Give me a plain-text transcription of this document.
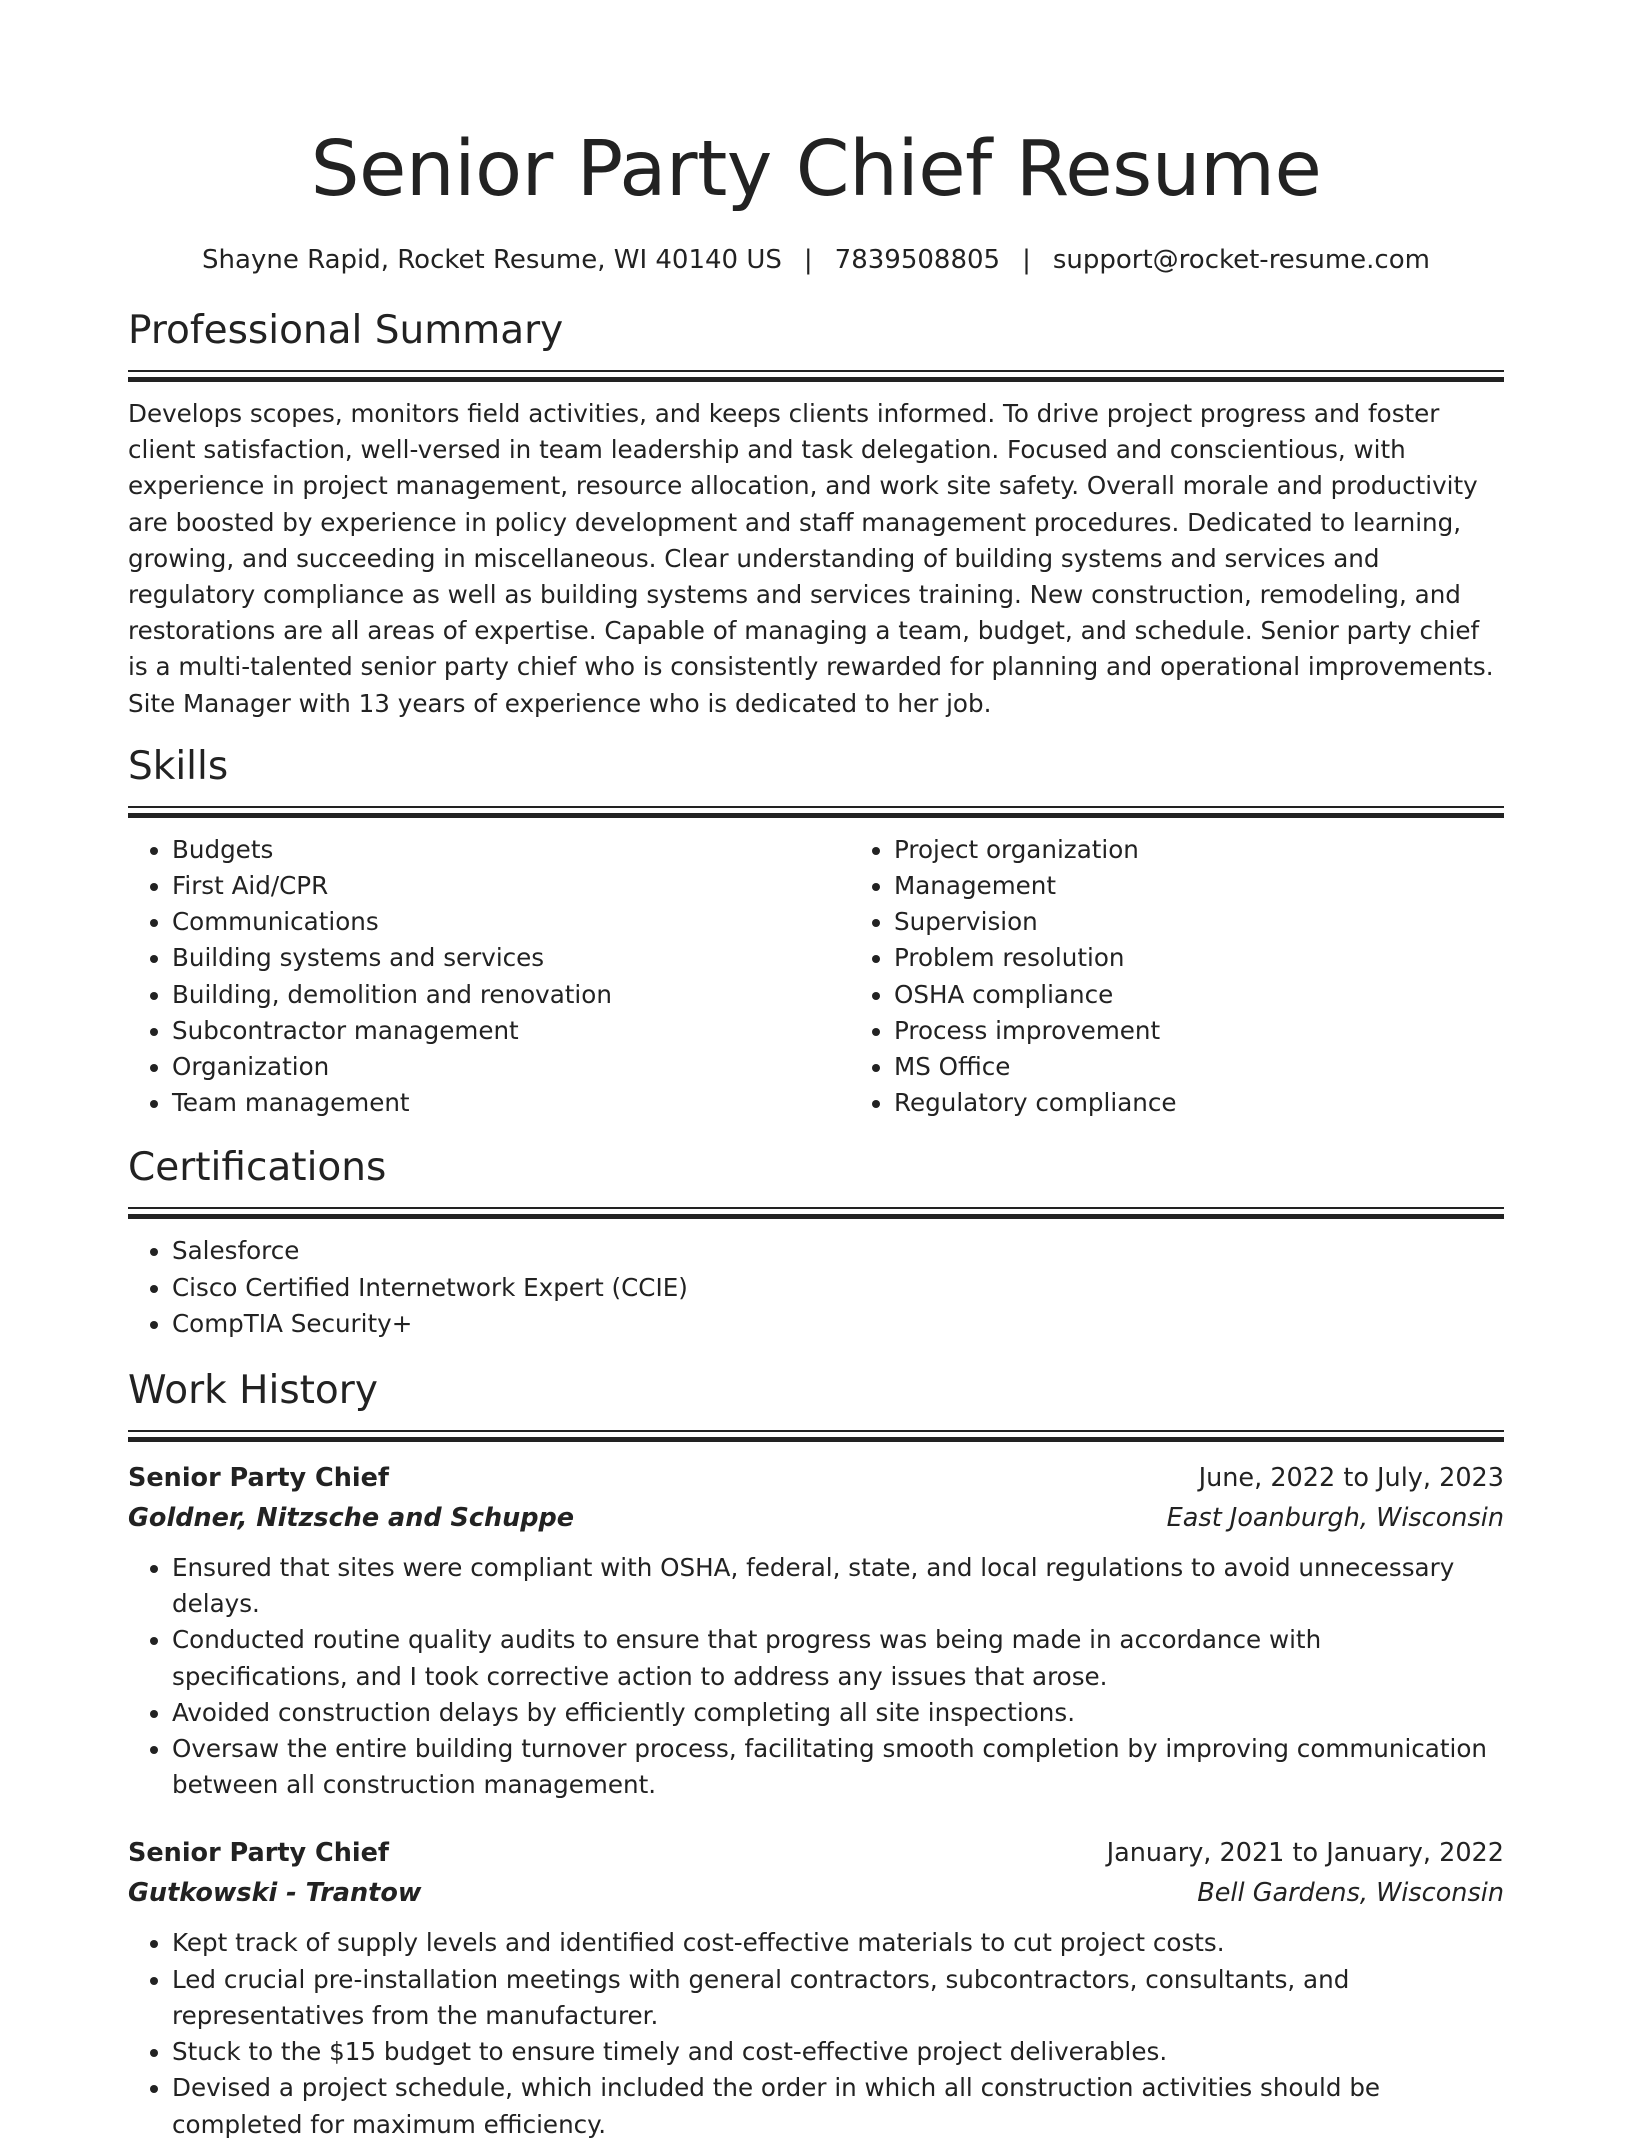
Senior Party Chief Resume
Shayne Rapid, Rocket Resume, WI 40140 US | 7839508805 | support@rocket-resume.com
Professional Summary

Develops scopes, monitors field activities, and keeps clients informed. To drive project progress and foster client satisfaction, well-versed in team leadership and task delegation. Focused and conscientious, with experience in project management, resource allocation, and work site safety. Overall morale and productivity are boosted by experience in policy development and staff management procedures. Dedicated to learning, growing, and succeeding in miscellaneous. Clear understanding of building systems and services and regulatory compliance as well as building systems and services training. New construction, remodeling, and restorations are all areas of expertise. Capable of managing a team, budget, and schedule. Senior party chief is a multi-talented senior party chief who is consistently rewarded for planning and operational improvements. Site Manager with 13 years of experience who is dedicated to her job.

Skills
• Budgets
• First Aid/CPR
• Communications
• Building systems and services
• Building, demolition and renovation
• Subcontractor management
• Organization
• Team management
• Project organization
• Management
• Supervision
• Problem resolution
• OSHA compliance
• Process improvement
• MS Office
• Regulatory compliance
Certifications
• Salesforce
• Cisco Certified Internetwork Expert (CCIE)
• CompTIA Security+
Work History
Senior Party Chief	June, 2022 to July, 2023
Goldner, Nitzsche and Schuppe	East Joanburgh, Wisconsin
• Ensured that sites were compliant with OSHA, federal, state, and local regulations to avoid unnecessary delays.
• Conducted routine quality audits to ensure that progress was being made in accordance with specifications, and I took corrective action to address any issues that arose.
• Avoided construction delays by efficiently completing all site inspections.
• Oversaw the entire building turnover process, facilitating smooth completion by improving communication between all construction management.
Senior Party Chief	January, 2021 to January, 2022
Gutkowski - Trantow	Bell Gardens, Wisconsin
• Kept track of supply levels and identified cost-effective materials to cut project costs.
• Led crucial pre-installation meetings with general contractors, subcontractors, consultants, and representatives from the manufacturer.
• Stuck to the $15 budget to ensure timely and cost-effective project deliverables.
• Devised a project schedule, which included the order in which all construction activities should be completed for maximum efficiency.
